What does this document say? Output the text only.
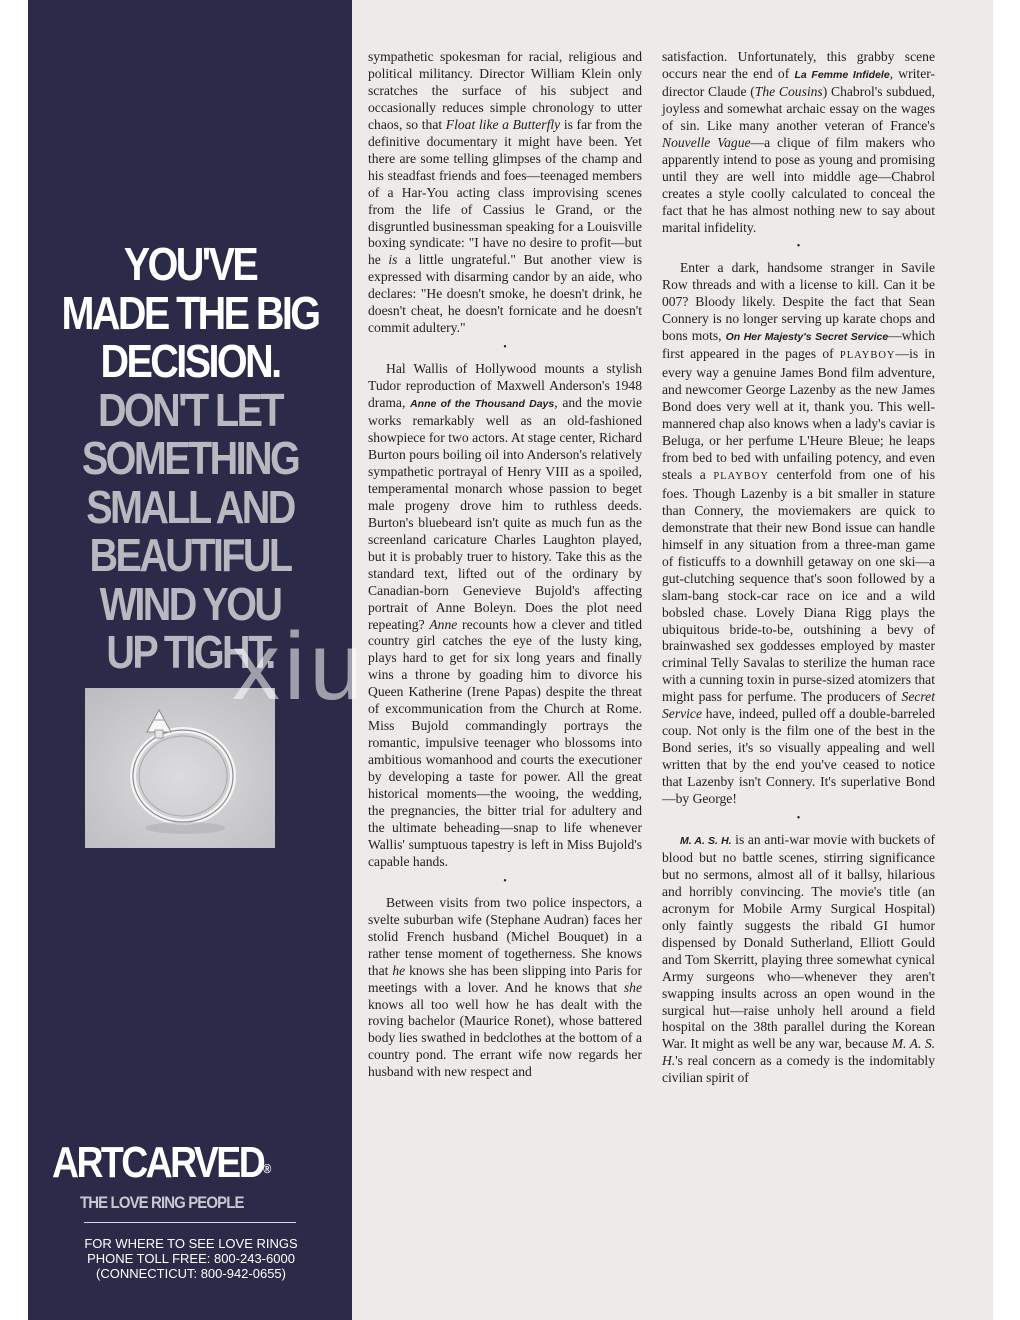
YOU'VE
MADE THE BIG
DECISION.
DON'T LET
SOMETHING
SMALL AND
BEAUTIFUL
WIND YOU
UP TIGHT.
ARTCARVED®
THE LOVE RING PEOPLE
FOR WHERE TO SEE LOVE RINGS
PHONE TOLL FREE: 800-243-6000
(CONNECTICUT: 800-942-0655)

sympathetic spokesman for racial, religious and political militancy. Director William Klein only scratches the surface of his subject and occasionally reduces simple chronology to utter chaos, so that Float like a Butterfly is far from the definitive documentary it might have been. Yet there are some telling glimpses of the champ and his steadfast friends and foes—teenaged members of a Har-You acting class improvising scenes from the life of Cassius le Grand, or the disgruntled businessman speaking for a Louisville boxing syndicate: "I have no desire to profit—but he is a little ungrateful." But another view is expressed with disarming candor by an aide, who declares: "He doesn't smoke, he doesn't drink, he doesn't cheat, he doesn't fornicate and he doesn't commit adultery."

•

Hal Wallis of Hollywood mounts a stylish Tudor reproduction of Maxwell Anderson's 1948 drama, Anne of the Thousand Days, and the movie works remarkably well as an old-fashioned showpiece for two actors. At stage center, Richard Burton pours boiling oil into Anderson's relatively sympathetic portrayal of Henry VIII as a spoiled, temperamental monarch whose passion to beget male progeny drove him to ruthless deeds. Burton's bluebeard isn't quite as much fun as the screenland caricature Charles Laughton played, but it is probably truer to history. Take this as the standard text, lifted out of the ordinary by Canadian-born Genevieve Bujold's affecting portrait of Anne Boleyn. Does the plot need repeating? Anne recounts how a clever and titled country girl catches the eye of the lusty king, plays hard to get for six long years and finally wins a throne by goading him to divorce his Queen Katherine (Irene Papas) despite the threat of excommunication from the Church at Rome. Miss Bujold commandingly portrays the romantic, impulsive teenager who blossoms into ambitious womanhood and courts the executioner by developing a taste for power. All the great historical moments—the wooing, the wedding, the pregnancies, the bitter trial for adultery and the ultimate beheading—snap to life whenever Wallis' sumptuous tapestry is left in Miss Bujold's capable hands.

•

Between visits from two police inspectors, a svelte suburban wife (Stephane Audran) faces her stolid French husband (Michel Bouquet) in a rather tense moment of togetherness. She knows that he knows she has been slipping into Paris for meetings with a lover. And he knows that she knows all too well how he has dealt with the roving bachelor (Maurice Ronet), whose battered body lies swathed in bedclothes at the bottom of a country pond. The errant wife now regards her husband with new respect and

satisfaction. Unfortunately, this grabby scene occurs near the end of La Femme Infidele, writer-director Claude (The Cousins) Chabrol's subdued, joyless and somewhat archaic essay on the wages of sin. Like many another veteran of France's Nouvelle Vague—a clique of film makers who apparently intend to pose as young and promising until they are well into middle age—Chabrol creates a style coolly calculated to conceal the fact that he has almost nothing new to say about marital infidelity.

•

Enter a dark, handsome stranger in Savile Row threads and with a license to kill. Can it be 007? Bloody likely. Despite the fact that Sean Connery is no longer serving up karate chops and bons mots, On Her Majesty's Secret Service—which first appeared in the pages of PLAYBOY—is in every way a genuine James Bond film adventure, and newcomer George Lazenby as the new James Bond does very well at it, thank you. This well-mannered chap also knows when a lady's caviar is Beluga, or her perfume L'Heure Bleue; he leaps from bed to bed with unfailing potency, and even steals a PLAYBOY centerfold from one of his foes. Though Lazenby is a bit smaller in stature than Connery, the moviemakers are quick to demonstrate that their new Bond issue can handle himself in any situation from a three-man game of fisticuffs to a downhill getaway on one ski—a gut-clutching sequence that's soon followed by a slam-bang stock-car race on ice and a wild bobsled chase. Lovely Diana Rigg plays the ubiquitous bride-to-be, outshining a bevy of brainwashed sex goddesses employed by master criminal Telly Savalas to sterilize the human race with a cunning toxin in purse-sized atomizers that might pass for perfume. The producers of Secret Service have, indeed, pulled off a double-barreled coup. Not only is the film one of the best in the Bond series, it's so visually appealing and well written that by the end you've ceased to notice that Lazenby isn't Connery. It's superlative Bond—by George!

•

M. A. S. H. is an anti-war movie with buckets of blood but no battle scenes, stirring significance but no sermons, almost all of it ballsy, hilarious and horribly convincing. The movie's title (an acronym for Mobile Army Surgical Hospital) only faintly suggests the ribald GI humor dispensed by Donald Sutherland, Elliott Gould and Tom Skerritt, playing three somewhat cynical Army surgeons who—whenever they aren't swapping insults across an open wound in the surgical hut—raise unholy hell around a field hospital on the 38th parallel during the Korean War. It might as well be any war, because M. A. S. H.'s real concern as a comedy is the indomitably civilian spirit of

xiu
